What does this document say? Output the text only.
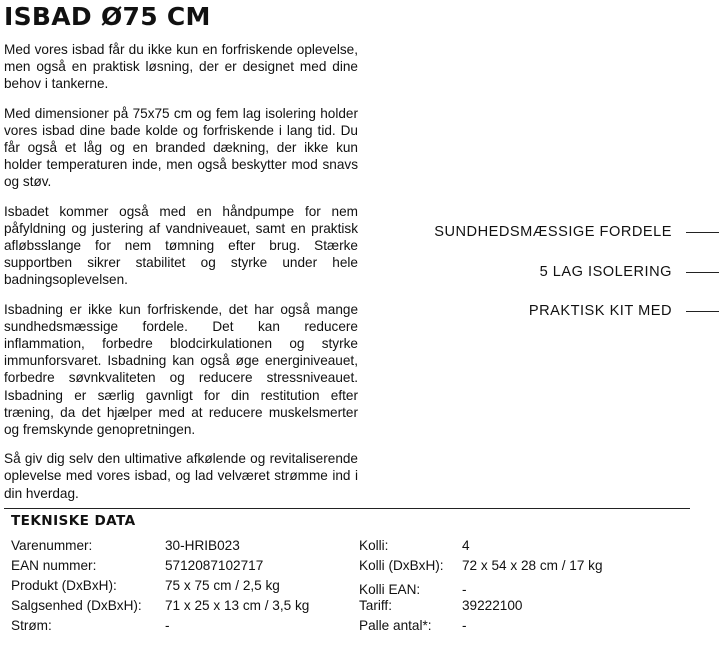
ISBAD Ø75 CM

Med vores isbad får du ikke kun en forfriskende oplevelse, men også en praktisk løsning, der er designet med dine behov i tankerne.

Med dimensioner på 75x75 cm og fem lag isolering holder vores isbad dine bade kolde og forfriskende i lang tid. Du får også et låg og en branded dækning, der ikke kun holder temperaturen inde, men også beskytter mod snavs og støv.

Isbadet kommer også med en håndpumpe for nem påfyldning og justering af vandniveauet, samt en praktisk afløbsslange for nem tømning efter brug. Stærke supportben sikrer stabilitet og styrke under hele badningsoplevelsen.

Isbadning er ikke kun forfriskende, det har også mange sundhedsmæssige fordele. Det kan reducere inflammation, forbedre blodcirkulationen og styrke immunforsvaret. Isbadning kan også øge energiniveauet, forbedre søvnkvaliteten og reducere stressniveauet. Isbadning er særlig gavnligt for din restitution efter træning, da det hjælper med at reducere muskelsmerter og fremskynde genopretningen.

Så giv dig selv den ultimative afkølende og revitaliserende oplevelse med vores isbad, og lad velværet strømme ind i din hverdag.

SUNDHEDSMÆSSIGE FORDELE
5 LAG ISOLERING
PRAKTISK KIT MED
TEKNISKE DATA
Varenummer:	30-HRIB023
EAN nummer:	5712087102717
Produkt (DxBxH):	75 x 75 cm / 2,5 kg
Salgsenhed (DxBxH):	71 x 25 x 13 cm / 3,5 kg
Strøm:	-
Kolli:	4
Kolli (DxBxH):	72 x 54 x 28 cm / 17 kg
Kolli EAN:	-
Tariff:	39222100
Palle antal*:	-
